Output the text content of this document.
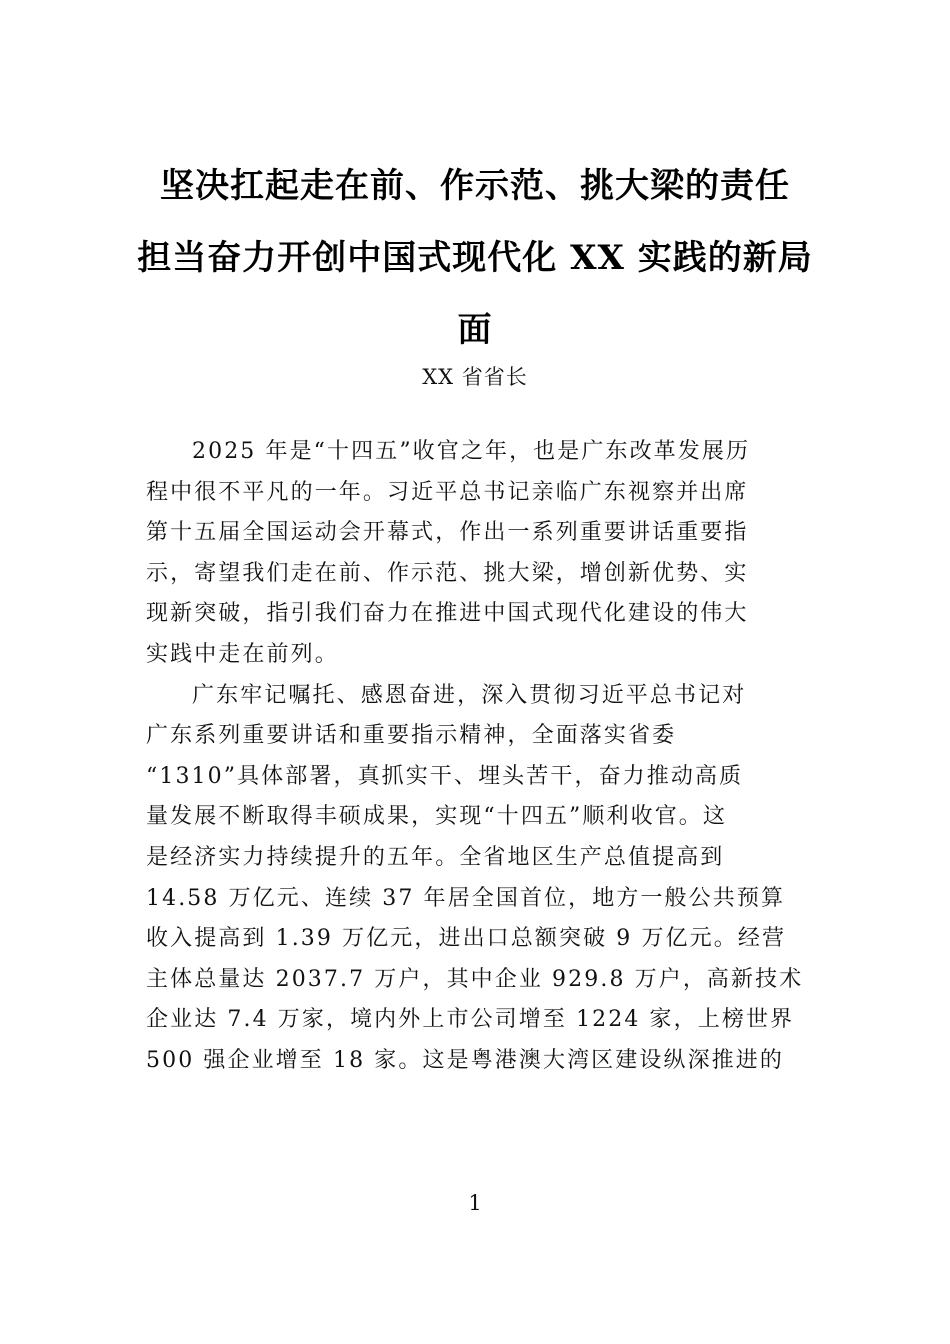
坚决扛起走在前、作示范、挑大梁的责任
担当奋力开创中国式现代化 XX 实践的新局
面
XX 省省长
2025 年是“十四五”收官之年，也是广东改革发展历
程中很不平凡的一年。习近平总书记亲临广东视察并出席
第十五届全国运动会开幕式，作出一系列重要讲话重要指
示，寄望我们走在前、作示范、挑大梁，增创新优势、实
现新突破，指引我们奋力在推进中国式现代化建设的伟大
实践中走在前列。
广东牢记嘱托、感恩奋进，深入贯彻习近平总书记对
广东系列重要讲话和重要指示精神，全面落实省委
“1310”具体部署，真抓实干、埋头苦干，奋力推动高质
量发展不断取得丰硕成果，实现“十四五”顺利收官。这
是经济实力持续提升的五年。全省地区生产总值提高到
14.58 万亿元、连续 37 年居全国首位，地方一般公共预算
收入提高到 1.39 万亿元，进出口总额突破 9 万亿元。经营
主体总量达 2037.7 万户，其中企业 929.8 万户，高新技术
企业达 7.4 万家，境内外上市公司增至 1224 家，上榜世界
500 强企业增至 18 家。这是粤港澳大湾区建设纵深推进的
1
